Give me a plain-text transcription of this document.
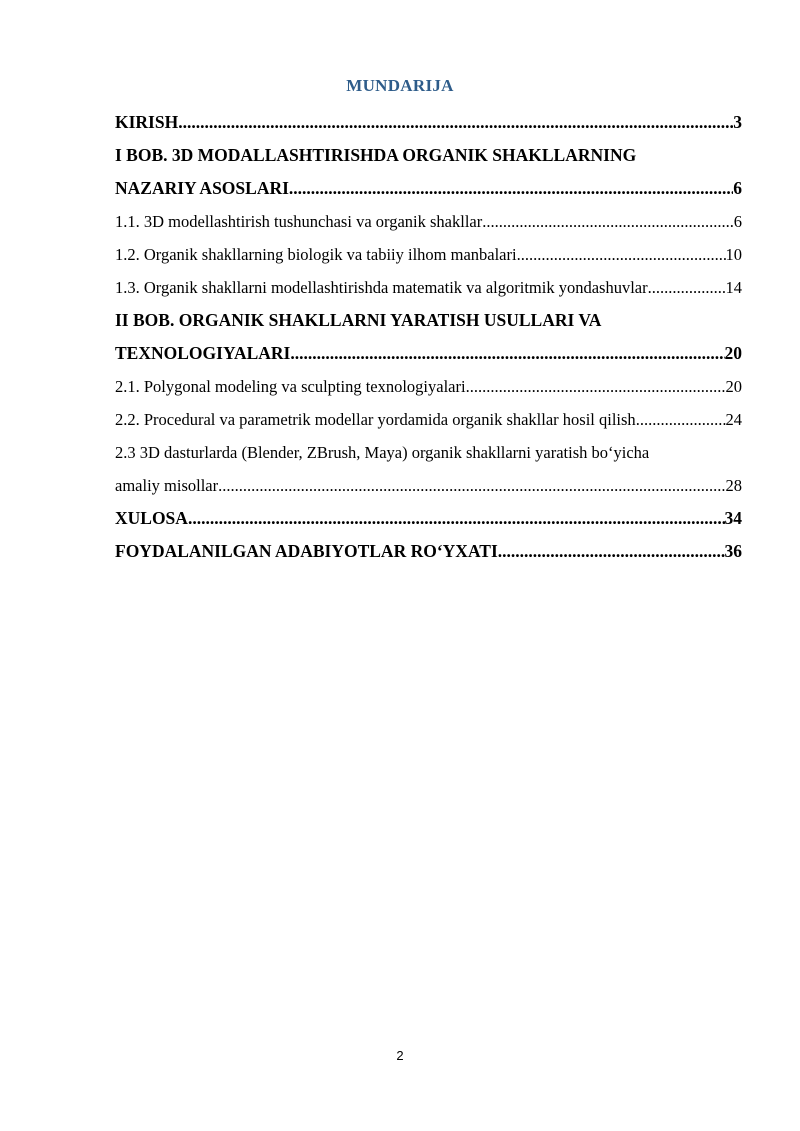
MUNDARIJA
KIRISH .....	3
I BOB. 3D MODALLASHTIRISHDA ORGANIK SHAKLLARNING
NAZARIY ASOSLARI .....	6
1.1. 3D modellashtirish tushunchasi va organik shakllar .....	6
1.2. Organik shakllarning biologik va tabiiy ilhom manbalari .....	10
1.3. Organik shakllarni modellashtirishda matematik va algoritmik yondashuvlar .....	14
II BOB. ORGANIK SHAKLLARNI YARATISH USULLARI VA
TEXNOLOGIYALARI .....	20
2.1. Polygonal modeling va sculpting texnologiyalari .....	20
2.2. Procedural va parametrik modellar yordamida organik shakllar hosil qilish .....	24
2.3 3D dasturlarda (Blender, ZBrush, Maya) organik shakllarni yaratish bo‘yicha
amaliy misollar .....	28
XULOSA .....	34
FOYDALANILGAN ADABIYOTLAR RO‘YXATI .....	36
2
